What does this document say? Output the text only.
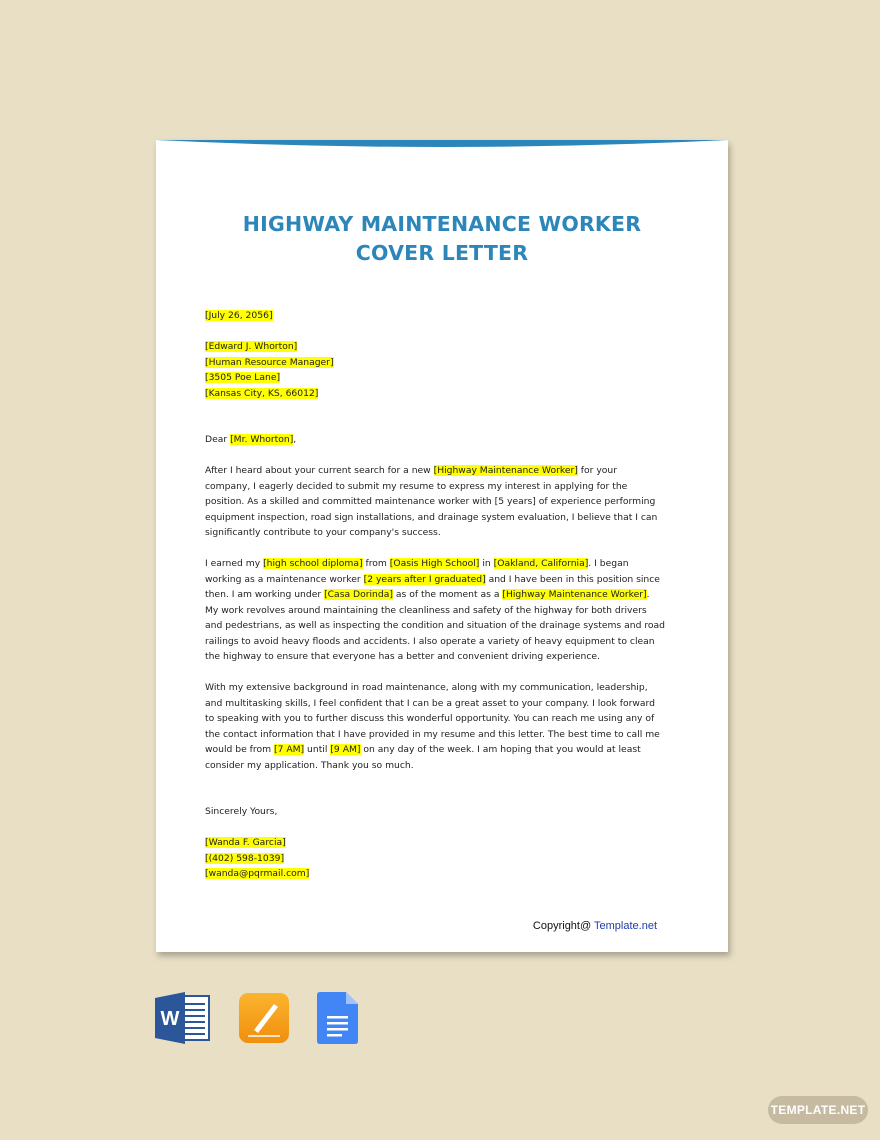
HIGHWAY MAINTENANCE WORKER
COVER LETTER

[July 26, 2056]

[Edward J. Whorton]

[Human Resource Manager]

[3505 Poe Lane]

[Kansas City, KS, 66012]

Dear [Mr. Whorton],

After I heard about your current search for a new [Highway Maintenance Worker] for your company, I eagerly decided to submit my resume to express my interest in applying for the position. As a skilled and committed maintenance worker with [5 years] of experience performing equipment inspection, road sign installations, and drainage system evaluation, I believe that I can significantly contribute to your company's success.

I earned my [high school diploma] from [Oasis High School] in [Oakland, California]. I began working as a maintenance worker [2 years after I graduated] and I have been in this position since then. I am working under [Casa Dorinda] as of the moment as a [Highway Maintenance Worker]. My work revolves around maintaining the cleanliness and safety of the highway for both drivers and pedestrians, as well as inspecting the condition and situation of the drainage systems and road railings to avoid heavy floods and accidents. I also operate a variety of heavy equipment to clean the highway to ensure that everyone has a better and convenient driving experience.

With my extensive background in road maintenance, along with my communication, leadership, and multitasking skills, I feel confident that I can be a great asset to your company. I look forward to speaking with you to further discuss this wonderful opportunity. You can reach me using any of the contact information that I have provided in my resume and this letter. The best time to call me would be from [7 AM] until [9 AM] on any day of the week. I am hoping that you would at least consider my application. Thank you so much.

Sincerely Yours,

[Wanda F. Garcia]

[(402) 598-1039]

[wanda@pqrmail.com]

Copyright@ Template.net
W
TEMPLATE.NET
